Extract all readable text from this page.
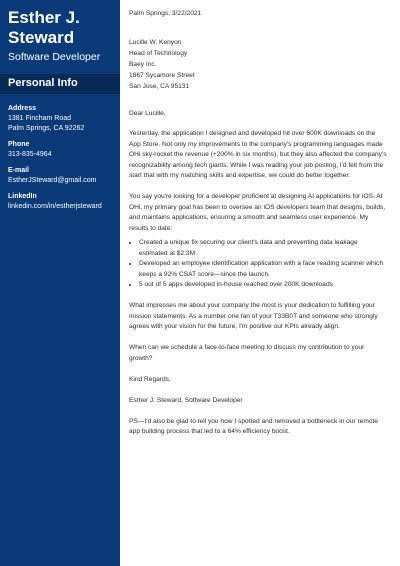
Esther J.
Steward
Software Developer
Personal Info
Address
1381 Fincham Road
Palm Springs, CA 92262
Phone
313-835-4964
E-mail
EstherJSteward@gmail.com
LinkedIn
linkedin.com/in/estherjsteward

Palm Springs, 3/22/2021

Lucille W. Kenyon
Head of Technology
Baey Inc.
1867 Sycamore Street
San Jose, CA 95131

Dear Lucille,

Yesterday, the application I designed and developed hit over 600K downloads on the App Store. Not only my improvements to the company's programming languages made OHi sky-rocket the revenue (+200% in six months), but they also affected the company's recognizability among tech giants. While I was reading your job posting, I'd felt from the start that with my matching skills and expertise, we could do better together.

You say you're looking for a developer proficient at designing AI applications for iOS. At OHi, my primary goal has been to oversee an iOS developers team that designs, builds, and maintains applications, ensuring a smooth and seamless user experience. My results to date:

• Created a unique fix securing our client's data and preventing data leakage estimated at $2.3M.
• Developed an employee identification application with a face reading scanner which keeps a 92% CSAT score—since the launch.
• 5 out of 5 apps developed in-house reached over 200K downloads.

What impresses me about your company the most is your dedication to fulfilling your mission statements. As a number one fan of your T33B0T and someone who strongly agrees with your vision for the future, I'm positive our KPIs already align.

When can we schedule a face-to-face meeting to discuss my contribution to your growth?

Kind Regards,

Esther J. Steward, Software Developer

PS—I'd also be glad to tell you how I spotted and removed a bottleneck in our remote app building process that led to a 64% efficiency boost.
